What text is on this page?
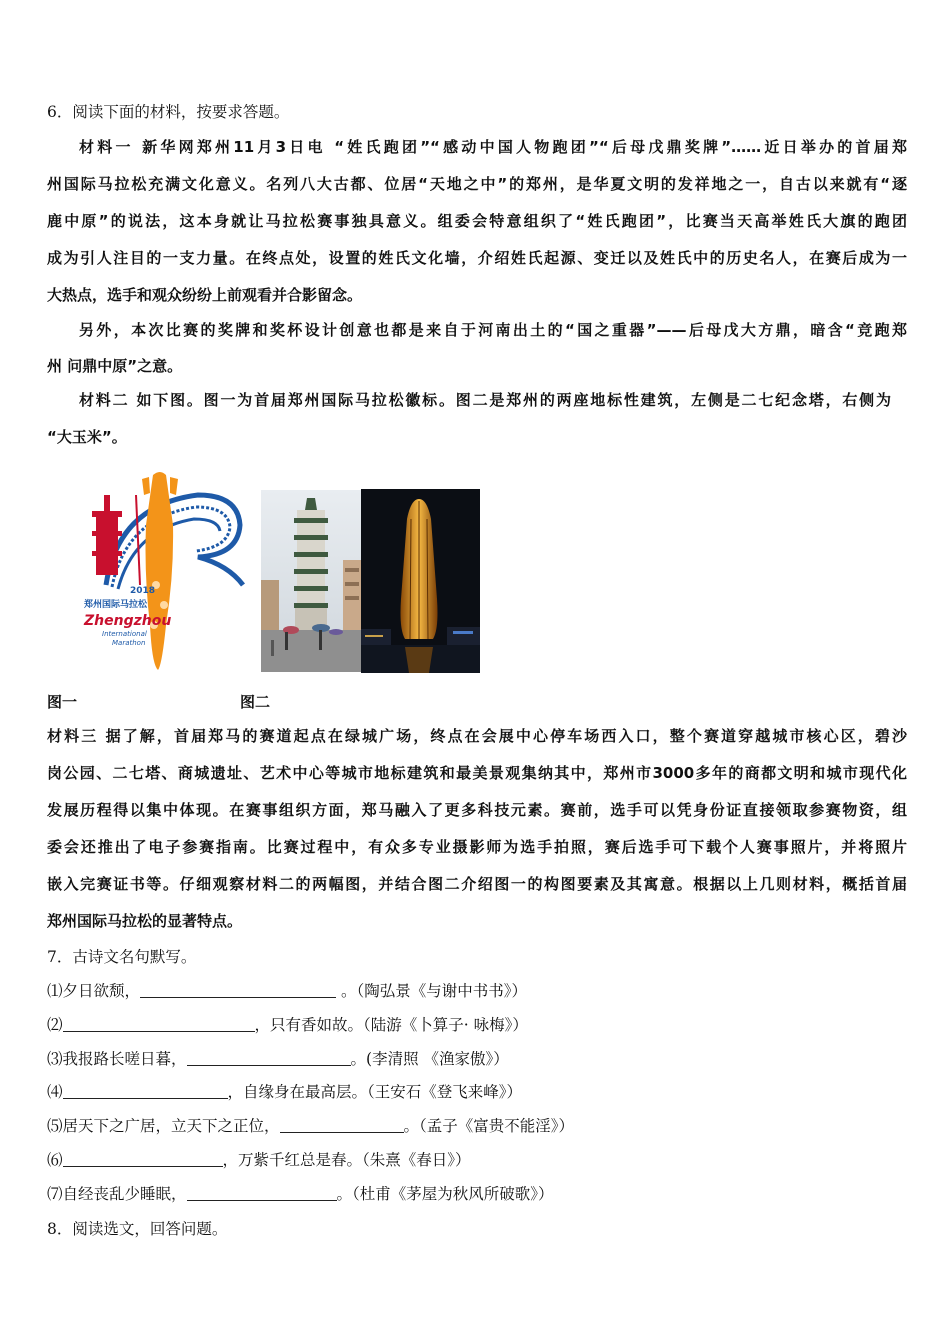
6．阅读下面的材料，按要求答题。
材料一 新华网郑州11月3日电 “姓氏跑团”“感动中国人物跑团”“后母戊鼎奖牌”……近日举办的首届郑
州国际马拉松充满文化意义。名列八大古都、位居“天地之中”的郑州，是华夏文明的发祥地之一，自古以来就有“逐
鹿中原”的说法，这本身就让马拉松赛事独具意义。组委会特意组织了“姓氏跑团”，比赛当天高举姓氏大旗的跑团
成为引人注目的一支力量。在终点处，设置的姓氏文化墙，介绍姓氏起源、变迁以及姓氏中的历史名人，在赛后成为一
大热点，选手和观众纷纷上前观看并合影留念。
另外，本次比赛的奖牌和奖杯设计创意也都是来自于河南出土的“国之重器”——后母戊大方鼎，暗含“竞跑郑
州 问鼎中原”之意。
材料二 如下图。图一为首届郑州国际马拉松徽标。图二是郑州的两座地标性建筑，左侧是二七纪念塔，右侧为
“大玉米”。
2018
郑州国际马拉松
Zhengzhou
International
Marathon
图一	图二
材料三 据了解，首届郑马的赛道起点在绿城广场，终点在会展中心停车场西入口，整个赛道穿越城市核心区，碧沙
岗公园、二七塔、商城遗址、艺术中心等城市地标建筑和最美景观集纳其中，郑州市3000多年的商都文明和城市现代化
发展历程得以集中体现。在赛事组织方面，郑马融入了更多科技元素。赛前，选手可以凭身份证直接领取参赛物资，组
委会还推出了电子参赛指南。比赛过程中，有众多专业摄影师为选手拍照，赛后选手可下载个人赛事照片，并将照片
嵌入完赛证书等。仔细观察材料二的两幅图，并结合图二介绍图一的构图要素及其寓意。根据以上几则材料，概括首届
郑州国际马拉松的显著特点。
7．古诗文名句默写。
⑴夕日欲颓，	。（陶弘景《与谢中书书》）
⑵	，只有香如故。（陆游《卜算子· 咏梅》）
⑶我报路长嗟日暮，	。(李清照 《渔家傲》）
⑷	，自缘身在最高层。（王安石《登飞来峰》）
⑸居天下之广居，立天下之正位，	。（孟子《富贵不能淫》）
⑹	，万紫千红总是春。（朱熹《春日》）
⑺自经丧乱少睡眠，	。（杜甫《茅屋为秋风所破歌》）
8．阅读选文，回答问题。
